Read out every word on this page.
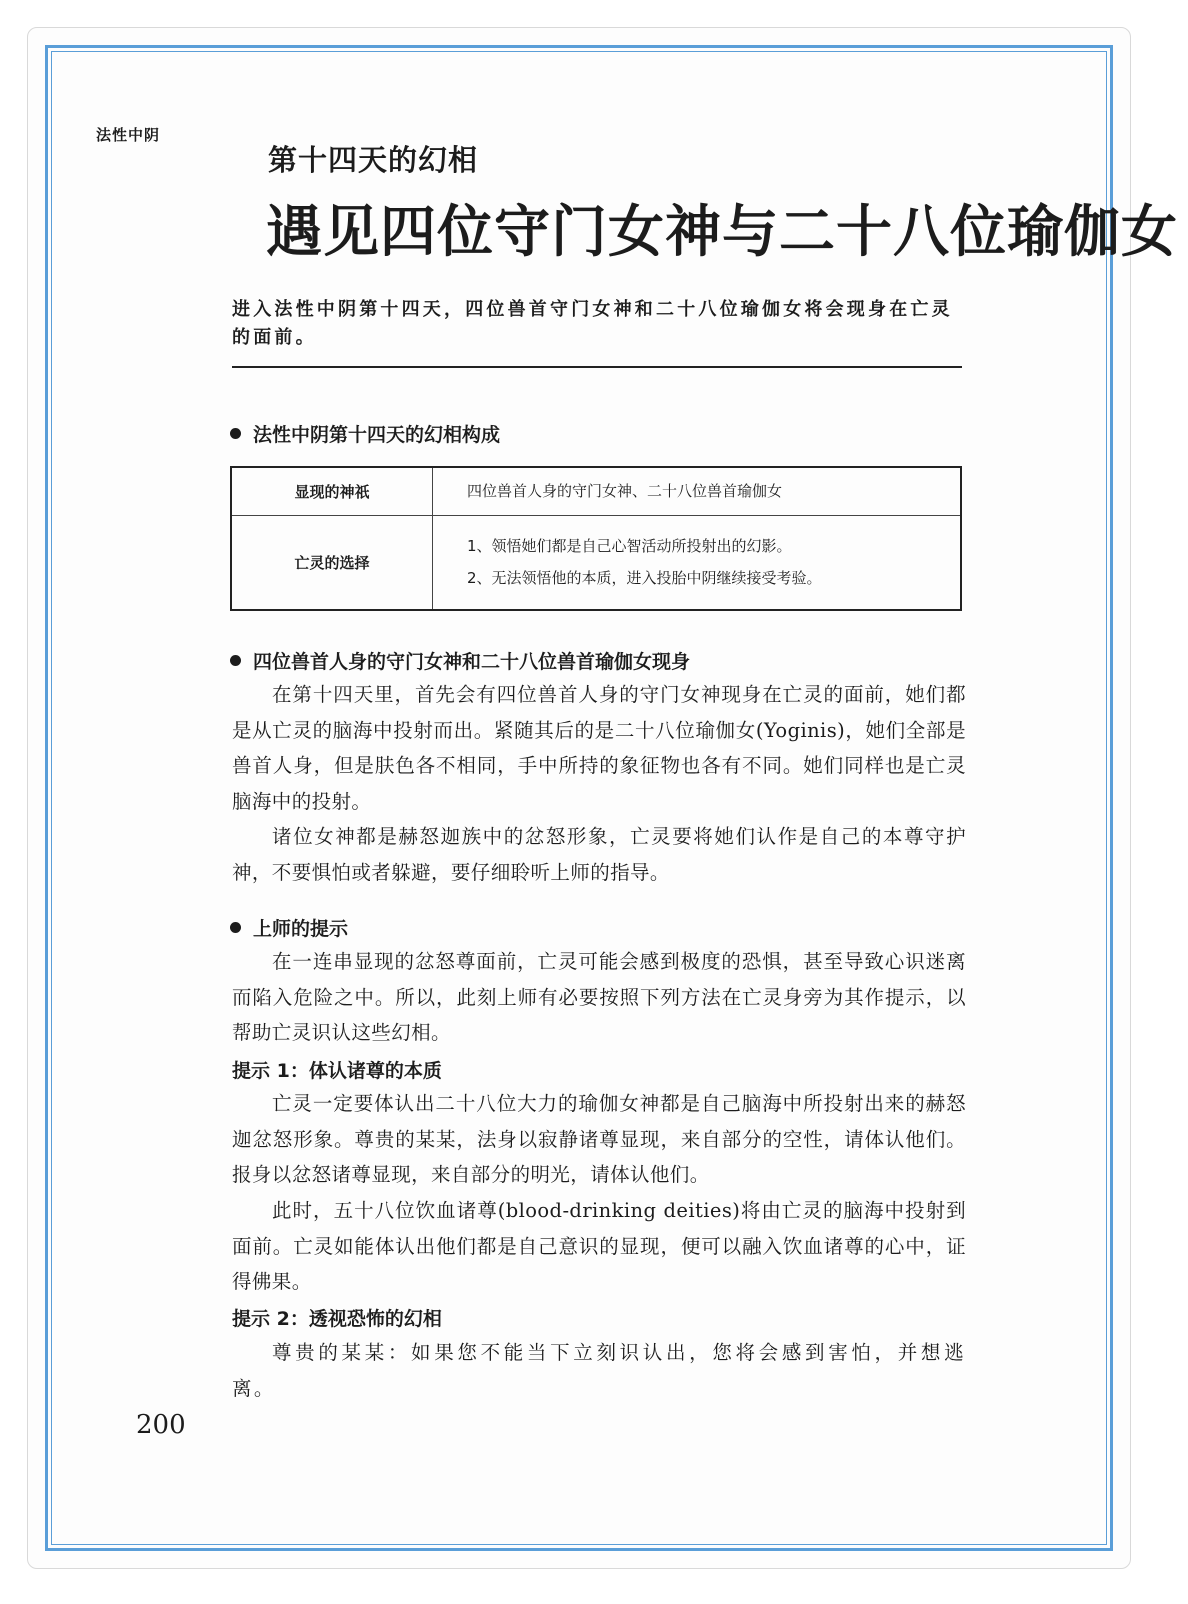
法性中阴
第十四天的幻相
遇见四位守门女神与二十八位瑜伽女

进入法性中阴第十四天，四位兽首守门女神和二十八位瑜伽女将会现身在亡灵的面前。

法性中阴第十四天的幻相构成
显现的神祇	四位兽首人身的守门女神、二十八位兽首瑜伽女

亡灵的选择	1、领悟她们都是自己心智活动所投射出的幻影。
2、无法领悟他的本质，进入投胎中阴继续接受考验。
四位兽首人身的守门女神和二十八位兽首瑜伽女现身

在第十四天里，首先会有四位兽首人身的守门女神现身在亡灵的面前，她们都是从亡灵的脑海中投射而出。紧随其后的是二十八位瑜伽女(Yoginis)，她们全部是兽首人身，但是肤色各不相同，手中所持的象征物也各有不同。她们同样也是亡灵脑海中的投射。

诸位女神都是赫怒迦族中的忿怒形象，亡灵要将她们认作是自己的本尊守护神，不要惧怕或者躲避，要仔细聆听上师的指导。

上师的提示

在一连串显现的忿怒尊面前，亡灵可能会感到极度的恐惧，甚至导致心识迷离而陷入危险之中。所以，此刻上师有必要按照下列方法在亡灵身旁为其作提示，以帮助亡灵识认这些幻相。

提示 1：体认诸尊的本质

亡灵一定要体认出二十八位大力的瑜伽女神都是自己脑海中所投射出来的赫怒迦忿怒形象。尊贵的某某，法身以寂静诸尊显现，来自部分的空性，请体认他们。报身以忿怒诸尊显现，来自部分的明光，请体认他们。

此时，五十八位饮血诸尊(blood-drinking deities)将由亡灵的脑海中投射到面前。亡灵如能体认出他们都是自己意识的显现，便可以融入饮血诸尊的心中，证得佛果。

提示 2：透视恐怖的幻相

尊贵的某某：如果您不能当下立刻识认出，您将会感到害怕，并想逃离。

200
